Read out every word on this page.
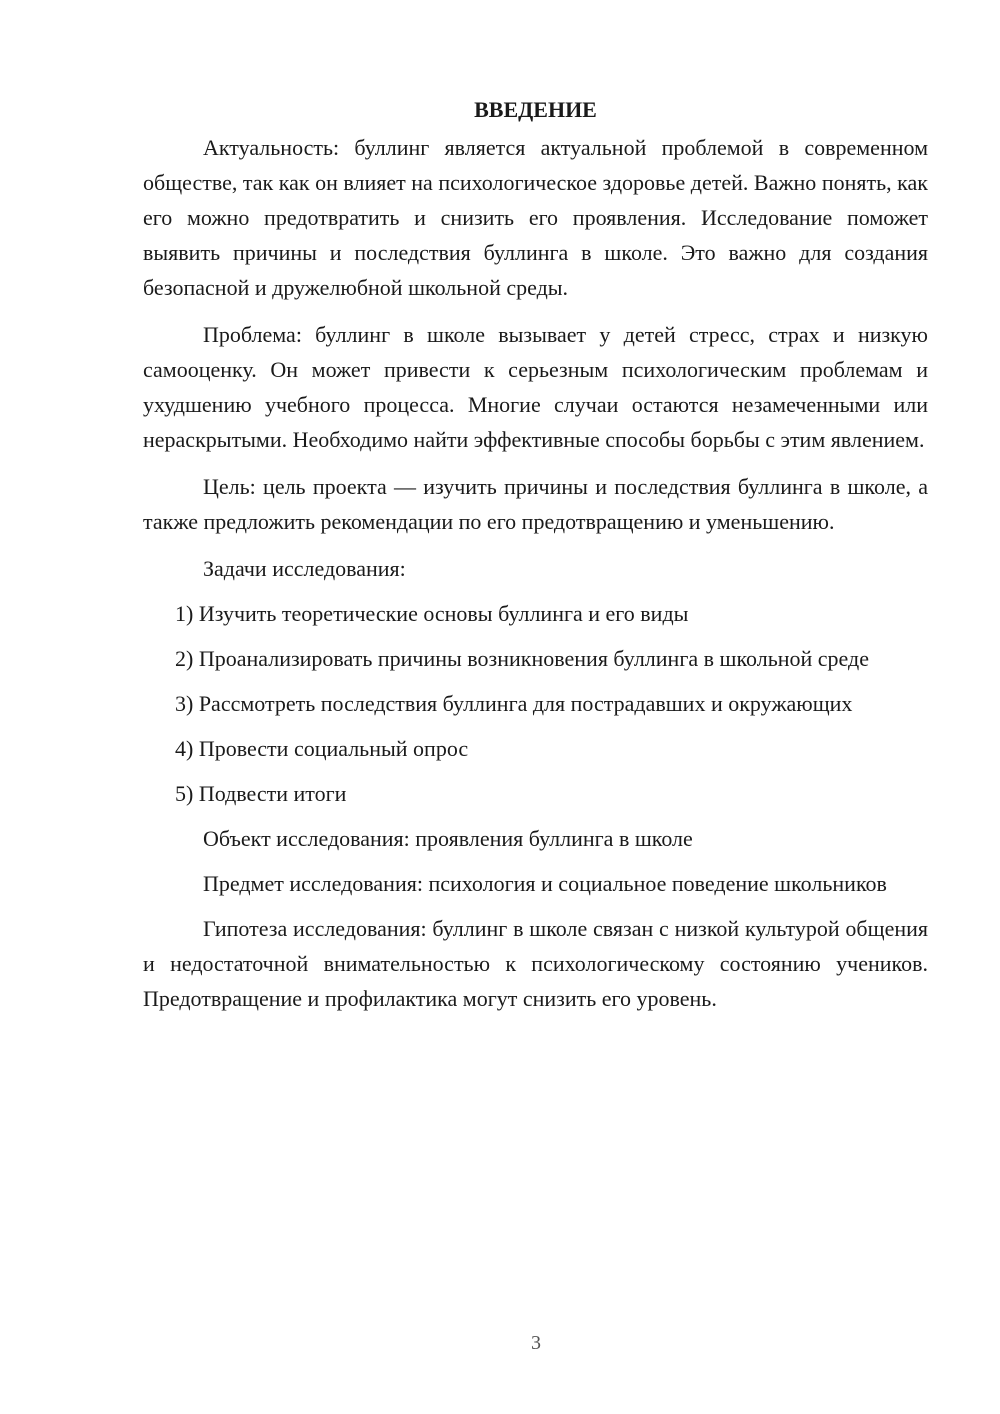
ВВЕДЕНИЕ

Актуальность: буллинг является актуальной проблемой в современном обществе, так как он влияет на психологическое здоровье детей. Важно понять, как его можно предотвратить и снизить его проявления. Исследование поможет выявить причины и последствия буллинга в школе. Это важно для создания безопасной и дружелюбной школьной среды.

Проблема: буллинг в школе вызывает у детей стресс, страх и низкую самооценку. Он может привести к серьезным психологическим проблемам и ухудшению учебного процесса. Многие случаи остаются незамеченными или нераскрытыми. Необходимо найти эффективные способы борьбы с этим явлением.

Цель: цель проекта — изучить причины и последствия буллинга в школе, а также предложить рекомендации по его предотвращению и уменьшению.

Задачи исследования:

1) Изучить теоретические основы буллинга и его виды

2) Проанализировать причины возникновения буллинга в школьной среде

3) Рассмотреть последствия буллинга для пострадавших и окружающих

4) Провести социальный опрос

5) Подвести итоги

Объект исследования: проявления буллинга в школе

Предмет исследования: психология и социальное поведение школьников

Гипотеза исследования: буллинг в школе связан с низкой культурой общения и недостаточной внимательностью к психологическому состоянию учеников. Предотвращение и профилактика могут снизить его уровень.

3
